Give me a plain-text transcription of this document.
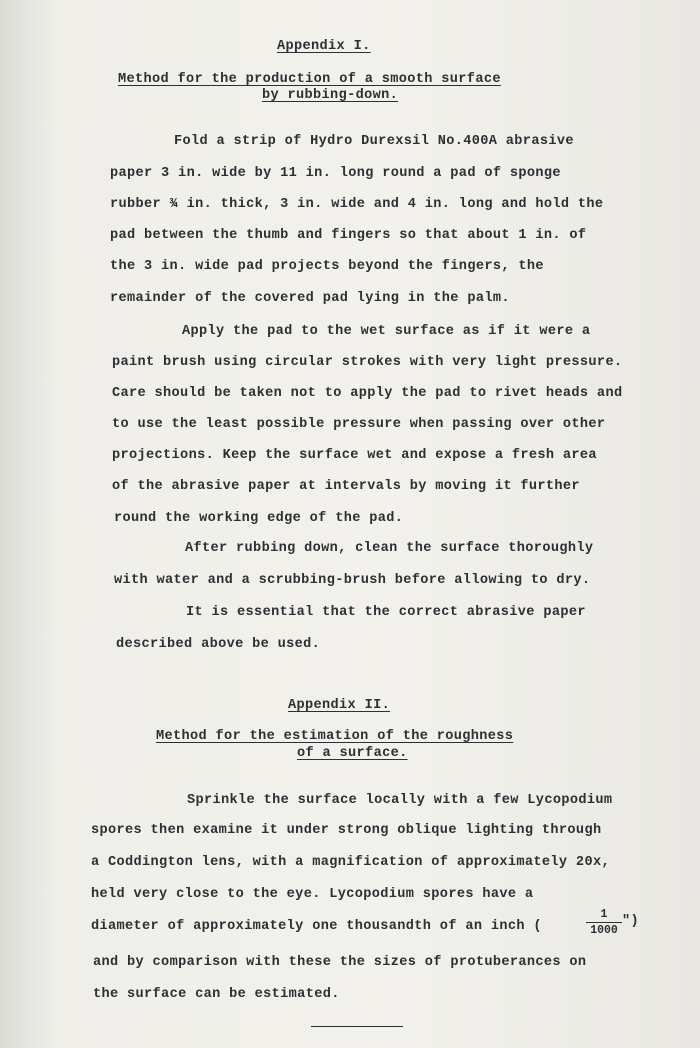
Appendix I.
Method for the production of a smooth surface
by rubbing-down.
Fold a strip of Hydro Durexsil No.400A abrasive
paper 3 in. wide by 11 in. long round a pad of sponge
rubber ¾ in. thick, 3 in. wide and 4 in. long and hold the
pad between the thumb and fingers so that about 1 in. of
the 3 in. wide pad projects beyond the fingers, the
remainder of the covered pad lying in the palm.
Apply the pad to the wet surface as if it were a
paint brush using circular strokes with very light pressure.
Care should be taken not to apply the pad to rivet heads and
to use the least possible pressure when passing over other
projections. Keep the surface wet and expose a fresh area
of the abrasive paper at intervals by moving it further
round the working edge of the pad.
After rubbing down, clean the surface thoroughly
with water and a scrubbing-brush before allowing to dry.
It is essential that the correct abrasive paper
described above be used.
Appendix II.
Method for the estimation of the roughness
of a surface.
Sprinkle the surface locally with a few Lycopodium
spores then examine it under strong oblique lighting through
a Coddington lens, with a magnification of approximately 20x,
held very close to the eye. Lycopodium spores have a
diameter of approximately one thousandth of an inch (
1
1000
")
and by comparison with these the sizes of protuberances on
the surface can be estimated.
